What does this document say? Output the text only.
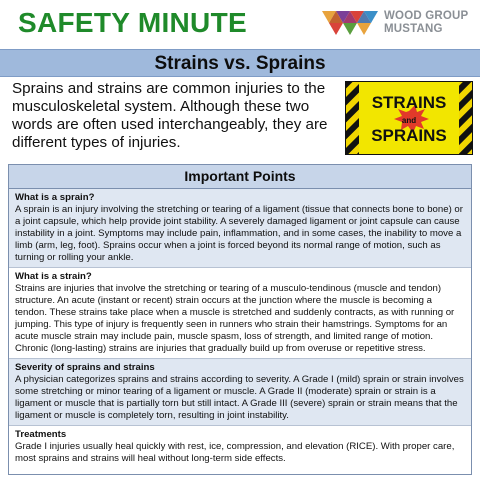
SAFETY MINUTE	WOOD GROUP
MUSTANG
Strains vs. Sprains
Sprains and strains are common injuries to the musculoskeletal system. Although these two words are often used interchangeably, they are different types of injuries.
STRAINS
and
SPRAINS
Important Points
What is a sprain?

A sprain is an injury involving the stretching or tearing of a ligament (tissue that connects bone to bone) or a joint capsule, which help provide joint stability. A severely damaged ligament or joint capsule can cause instability in a joint. Symptoms may include pain, inflammation, and in some cases, the inability to move a limb (arm, leg, foot). Sprains occur when a joint is forced beyond its normal range of motion, such as turning or rolling your ankle.

What is a strain?

Strains are injuries that involve the stretching or tearing of a musculo-tendinous (muscle and tendon) structure. An acute (instant or recent) strain occurs at the junction where the muscle is becoming a tendon. These strains take place when a muscle is stretched and suddenly contracts, as with running or jumping. This type of injury is frequently seen in runners who strain their hamstrings. Symptoms for an acute muscle strain may include pain, muscle spasm, loss of strength, and limited range of motion. Chronic (long-lasting) strains are injuries that gradually build up from overuse or repetitive stress.

Severity of sprains and strains

A physician categorizes sprains and strains according to severity. A Grade I (mild) sprain or strain involves some stretching or minor tearing of a ligament or muscle. A Grade II (moderate) sprain or strain is a ligament or muscle that is partially torn but still intact. A Grade III (severe) sprain or strain means that the ligament or muscle is completely torn, resulting in joint instability.

Treatments

Grade I injuries usually heal quickly with rest, ice, compression, and elevation (RICE). With proper care, most sprains and strains will heal without long-term side effects.
